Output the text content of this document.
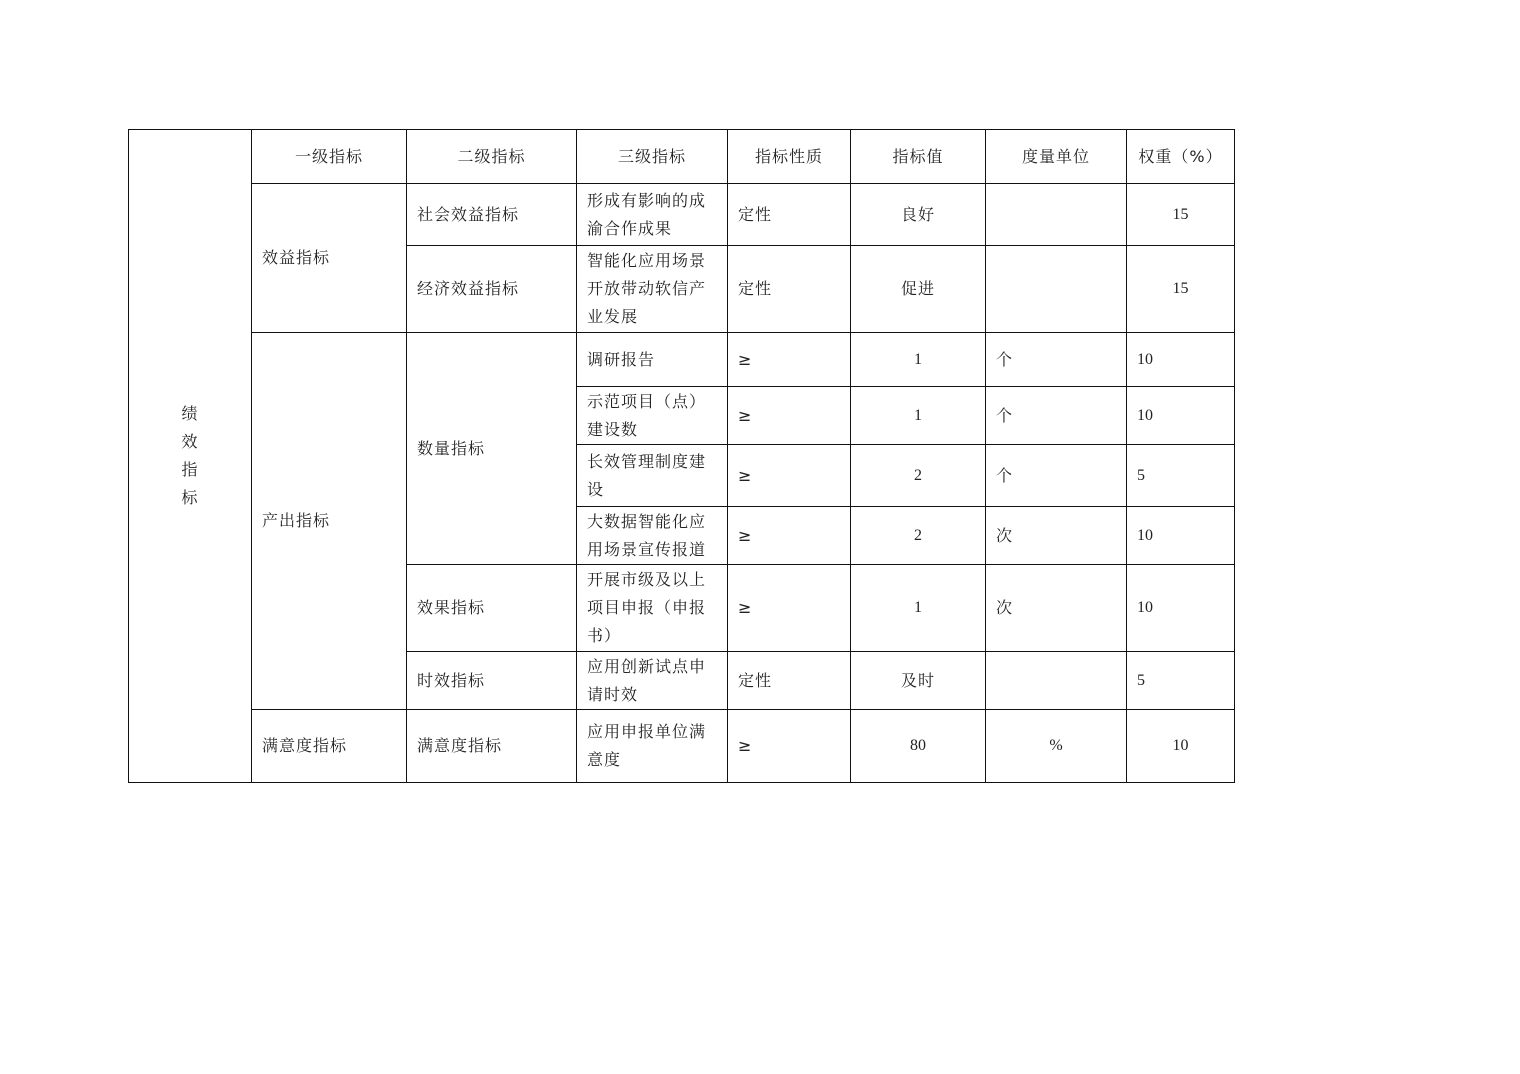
绩
效
指
标	一级指标	二级指标	三级指标	指标性质	指标值	度量单位	权重（%）
	效益指标	社会效益指标	形成有影响的成渝合作成果	定性	良好		15
		经济效益指标	智能化应用场景开放带动软信产业发展	定性	促进		15
	产出指标	数量指标	调研报告	≥	1	个	10
			示范项目（点）建设数	≥	1	个	10
			长效管理制度建设	≥	2	个	5
			大数据智能化应用场景宣传报道	≥	2	次	10
		效果指标	开展市级及以上项目申报（申报书）	≥	1	次	10
		时效指标	应用创新试点申请时效	定性	及时		5
	满意度指标	满意度指标	应用申报单位满意度	≥	80	%	10
